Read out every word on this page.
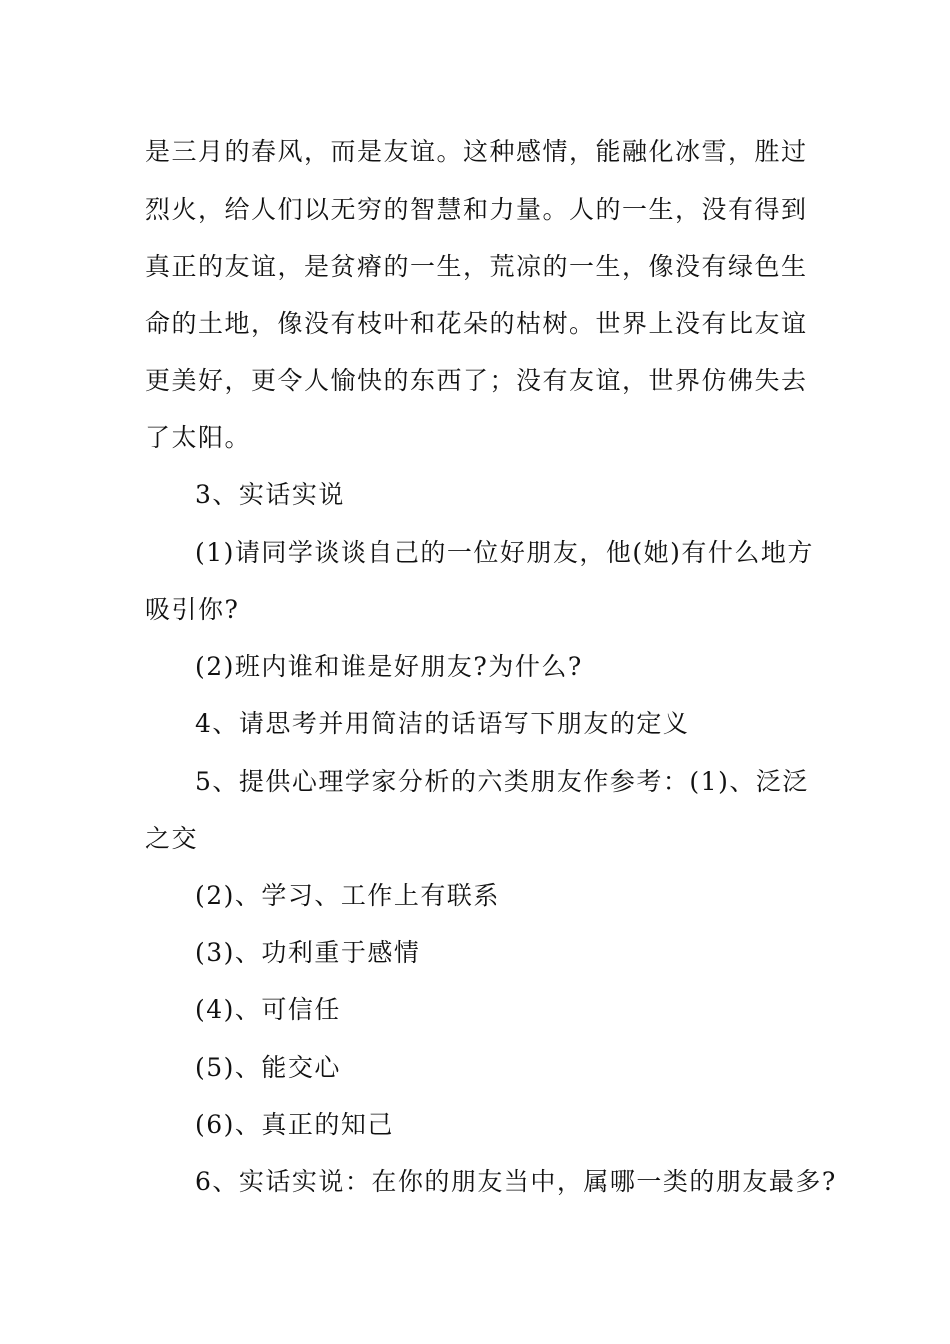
是三月的春风，而是友谊。这种感情，能融化冰雪，胜过
烈火，给人们以无穷的智慧和力量。人的一生，没有得到
真正的友谊，是贫瘠的一生，荒凉的一生，像没有绿色生
命的土地，像没有枝叶和花朵的枯树。世界上没有比友谊
更美好，更令人愉快的东西了；没有友谊，世界仿佛失去
了太阳。
3、实话实说
(1)请同学谈谈自己的一位好朋友，他(她)有什么地方
吸引你?
(2)班内谁和谁是好朋友?为什么?
4、请思考并用简洁的话语写下朋友的定义
5、提供心理学家分析的六类朋友作参考：(1)、泛泛
之交
(2)、学习、工作上有联系
(3)、功利重于感情
(4)、可信任
(5)、能交心
(6)、真正的知己
6、实话实说：在你的朋友当中，属哪一类的朋友最多?
